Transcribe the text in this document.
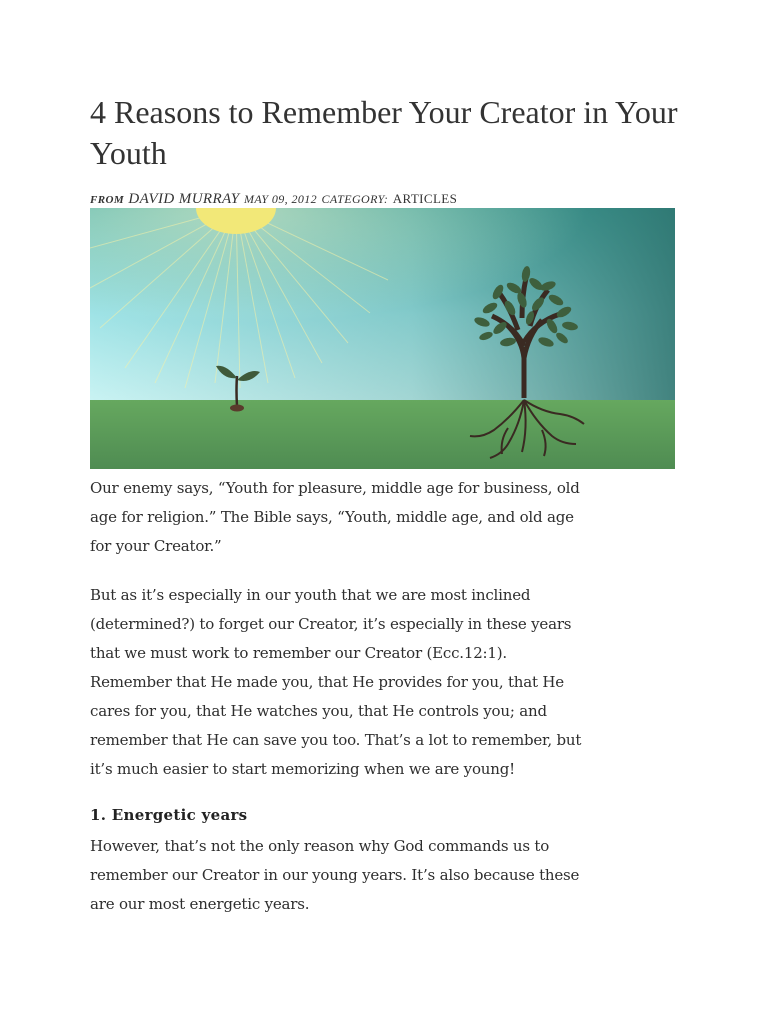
4 Reasons to Remember Your Creator in Your Youth
FROM DAVID MURRAY MAY 09, 2012 CATEGORY: ARTICLES
Our enemy says, “Youth for pleasure, middle age for business, old age for religion.” The Bible says, “Youth, middle age, and old age for your Creator.”
But as it’s especially in our youth that we are most inclined (determined?) to forget our Creator, it’s especially in these years that we must work to remember our Creator (Ecc.12:1). Remember that He made you, that He provides for you, that He cares for you, that He watches you, that He controls you; and remember that He can save you too. That’s a lot to remember, but it’s much easier to start memorizing when we are young!
1. Energetic years
However, that’s not the only reason why God commands us to remember our Creator in our young years. It’s also because these are our most energetic years.
